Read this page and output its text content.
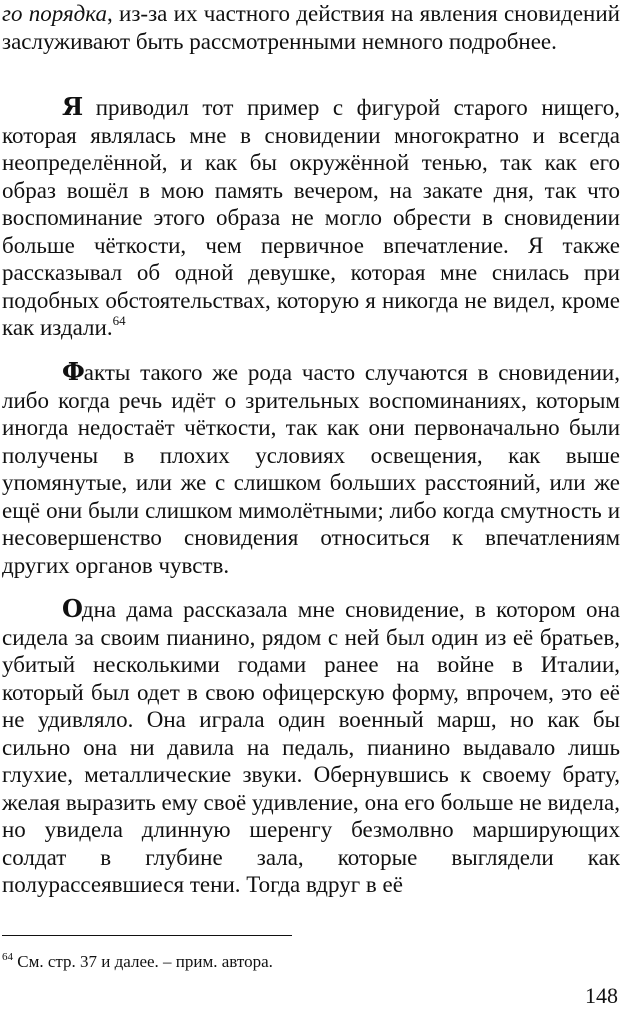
го порядка, из-за их частного действия на явления сновидений заслуживают быть рассмотренными немного подробнее.

Я приводил тот пример с фигурой старого нищего, которая являлась мне в сновидении многократно и всегда неопределённой, и как бы окружённой тенью, так как его образ вошёл в мою память вечером, на закате дня, так что воспоминание этого образа не могло обрести в сновидении больше чёткости, чем первичное впечатление. Я также рассказывал об одной девушке, которая мне снилась при подобных обстоятельствах, которую я никогда не видел, кроме как издали.$^{64}$

Факты такого же рода часто случаются в сновидении, либо когда речь идёт о зрительных воспоминаниях, которым иногда недостаёт чёткости, так как они первоначально были получены в плохих условиях освещения, как выше упомянутые, или же с слишком больших расстояний, или же ещё они были слишком мимолётными; либо когда смутность и несовершенство сновидения относиться к впечатлениям других органов чувств.

Одна дама рассказала мне сновидение, в котором она сидела за своим пианино, рядом с ней был один из её братьев, убитый несколькими годами ранее на войне в Италии, который был одет в свою офицерскую форму, впрочем, это её не удивляло. Она играла один военный марш, но как бы сильно она ни давила на педаль, пианино выдавало лишь глухие, металлические звуки. Обернувшись к своему брату, желая выразить ему своё удивление, она его больше не видела, но увидела длинную шеренгу безмолвно марширующих солдат в глубине зала, которые выглядели как полурассеявшиеся тени. Тогда вдруг в её

$^{64}$ См. стр. 37 и далее. – прим. автора.
148
